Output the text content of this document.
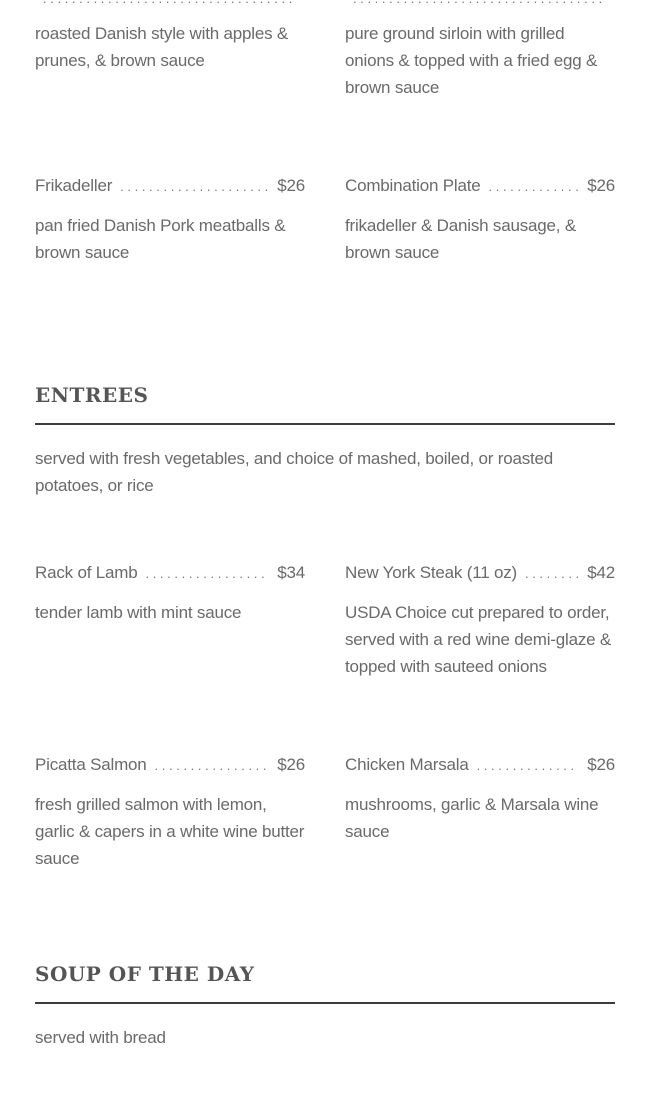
. . .
. . .

roasted Danish style with apples & prunes, & brown sauce

pure ground sirloin with grilled onions & topped with a fried egg & brown sauce

Frikadeller . . .	$26

pan fried Danish Pork meatballs & brown sauce

Combination Plate . . .	$26

frikadeller & Danish sausage, & brown sauce

ENTREES

served with fresh vegetables, and choice of mashed, boiled, or roasted potatoes, or rice

Rack of Lamb . . .	$34

tender lamb with mint sauce

New York Steak (11 oz) . . .	$42

USDA Choice cut prepared to order, served with a red wine demi-glaze & topped with sauteed onions

Picatta Salmon . . .	$26

fresh grilled salmon with lemon, garlic & capers in a white wine butter sauce

Chicken Marsala . . .	$26

mushrooms, garlic & Marsala wine sauce

SOUP OF THE DAY

served with bread

. . .
. . .
